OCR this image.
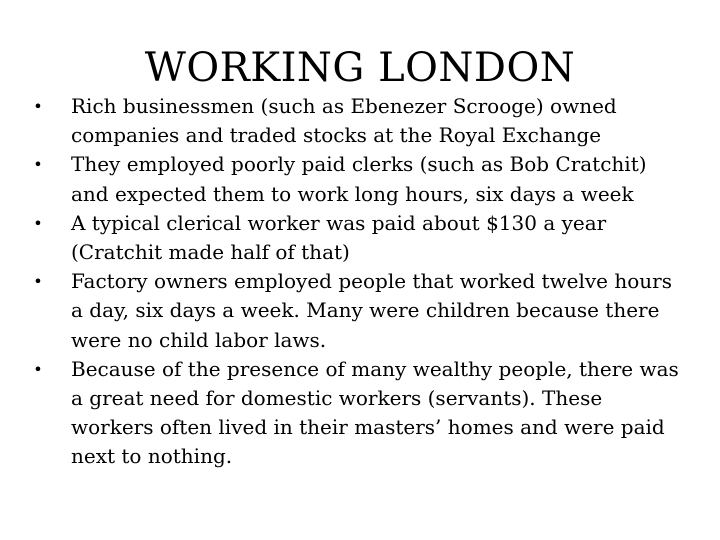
WORKING LONDON
• Rich businessmen (such as Ebenezer Scrooge) owned companies and traded stocks at the Royal Exchange
• They employed poorly paid clerks (such as Bob Cratchit) and expected them to work long hours, six days a week
• A typical clerical worker was paid about $130 a year (Cratchit made half of that)
• Factory owners employed people that worked twelve hours a day, six days a week. Many were children because there were no child labor laws.
• Because of the presence of many wealthy people, there was a great need for domestic workers (servants). These workers often lived in their masters’ homes and were paid next to nothing.
